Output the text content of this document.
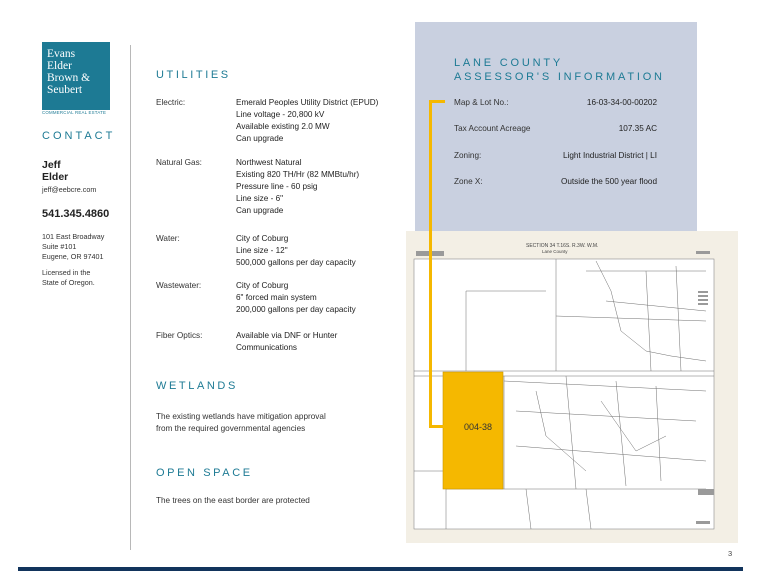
Evans
Elder
Brown &
Seubert
COMMERCIAL REAL ESTATE
CONTACT
Jeff
Elder
jeff@eebcre.com
541.345.4860
101 East Broadway
Suite #101
Eugene, OR 97401
Licensed in the
State of Oregon.
UTILITIES
Electric:	Emerald Peoples Utility District (EPUD)
Line voltage - 20,800 kV
Available existing 2.0 MW
Can upgrade
Natural Gas:	Northwest Natural
Existing 820 TH/Hr (82 MMBtu/hr)
Pressure line - 60 psig
Line size - 6"
Can upgrade
Water:	City of Coburg
Line size - 12"
500,000 gallons per day capacity
Wastewater:	City of Coburg
6" forced main system
200,000 gallons per day capacity
Fiber Optics:	Available via DNF or Hunter
Communications
WETLANDS
The existing wetlands have mitigation approval
from the required governmental agencies
OPEN SPACE
The trees on the east border are protected
LANE COUNTY
ASSESSOR'S INFORMATION
Map & Lot No.:	16-03-34-00-00202
Tax Account Acreage	107.35 AC
Zoning:	Light Industrial District | LI
Zone X:	Outside the 500 year flood
SECTION 34 T.16S. R.3W. W.M.
Lane County
004-38
3
